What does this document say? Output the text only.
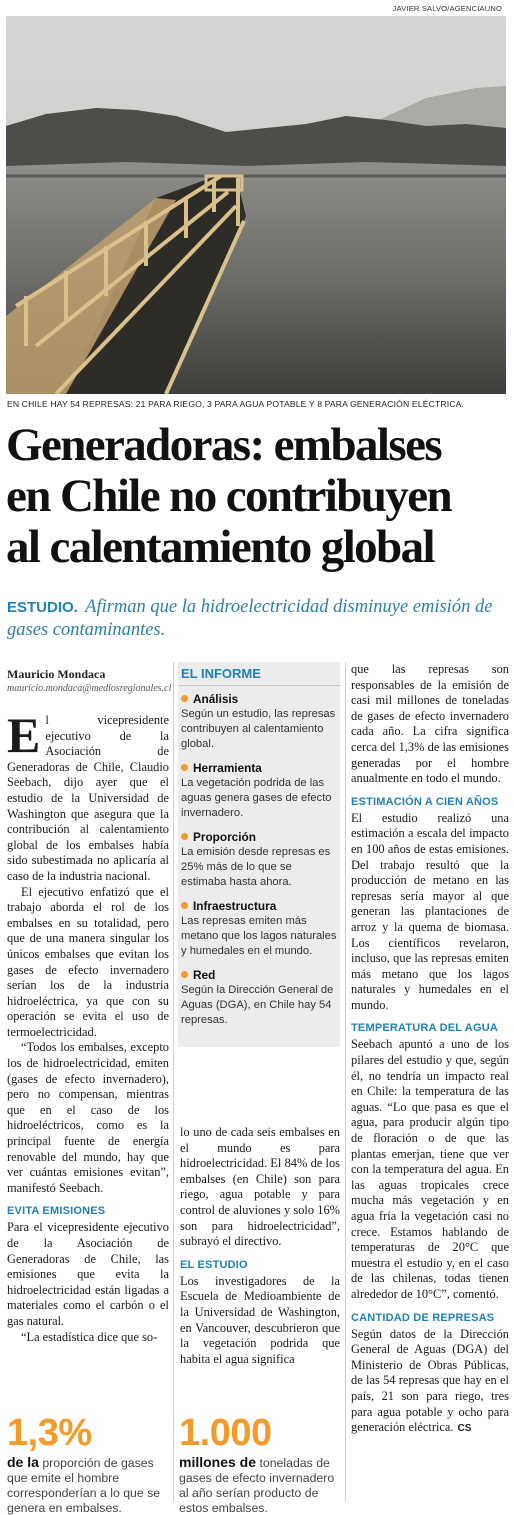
JAVIER SALVO/AGENCIAUNO
EN CHILE HAY 54 REPRESAS: 21 PARA RIEGO, 3 PARA AGUA POTABLE Y 8 PARA GENERACIÓN ELÉCTRICA.
Generadoras: embalses
en Chile no contribuyen
al calentamiento global
ESTUDIO. Afirman que la hidroelectricidad disminuye emisión de gases contaminantes.
Mauricio Mondaca
mauricio.mondaca@mediosregionales.cl

El vicepresidente ejecutivo de la Asociación de Generadoras de Chile, Claudio Seebach, dijo ayer que el estudio de la Universidad de Washington que asegura que la contribución al calentamiento global de los embalses había sido subestimada no aplicaría al caso de la industria nacional.

El ejecutivo enfatizó que el trabajo aborda el rol de los embalses en su totalidad, pero que de una manera singular los únicos embalses que evitan los gases de efecto invernadero serían los de la industria hidroeléctrica, ya que con su operación se evita el uso de termoelectricidad.

“Todos los embalses, excepto los de hidroelectricidad, emiten (gases de efecto invernadero), pero no compensan, mientras que en el caso de los hidroeléctricos, como es la principal fuente de energía renovable del mundo, hay que ver cuántas emisiones evitan”, manifestó Seebach.

EVITA EMISIONES

Para el vicepresidente ejecutivo de la Asociación de Generadoras de Chile, las emisiones que evita la hidroelectricidad están ligadas a materiales como el carbón o el gas natural.

“La estadística dice que so-

1,3%
de la proporción de gases que emite el hombre corresponderían a lo que se genera en embalses.
EL INFORME
Análisis
Según un estudio, las represas contribuyen al calentamiento global.
Herramienta
La vegetación podrida de las aguas genera gases de efecto invernadero.
Proporción
La emisión desde represas es 25% más de lo que se estimaba hasta ahora.
Infraestructura
Las represas emiten más metano que los lagos naturales y humedales en el mundo.
Red
Según la Dirección General de Aguas (DGA), en Chile hay 54 represas.

lo uno de cada seis embalses en el mundo es para hidroelectricidad. El 84% de los embalses (en Chile) son para riego, agua potable y para control de aluviones y solo 16% son para hidroelectricidad”, subrayó el directivo.

EL ESTUDIO

Los investigadores de la Escuela de Medioambiente de la Universidad de Washington, en Vancouver, descubrieron que la vegetación podrida que habita el agua significa

1.000
millones de toneladas de gases de efecto invernadero al año serían producto de estos embalses.

que las represas son responsables de la emisión de casi mil millones de toneladas de gases de efecto invernadero cada año. La cifra significa cerca del 1,3% de las emisiones generadas por el hombre anualmente en todo el mundo.

ESTIMACIÓN A CIEN AÑOS

El estudio realizó una estimación a escala del impacto en 100 años de estas emisiones. Del trabajo resultó que la producción de metano en las represas sería mayor al que generan las plantaciones de arroz y la quema de biomasa. Los científicos revelaron, incluso, que las represas emiten más metano que los lagos naturales y humedales en el mundo.

TEMPERATURA DEL AGUA

Seebach apuntó a uno de los pilares del estudio y que, según él, no tendría un impacto real en Chile: la temperatura de las aguas. “Lo que pasa es que el agua, para producir algún tipo de floración o de que las plantas emerjan, tiene que ver con la temperatura del agua. En las aguas tropicales crece mucha más vegetación y en agua fría la vegetación casi no crece. Estamos hablando de temperaturas de 20°C que muestra el estudio y, en el caso de las chilenas, todas tienen alrededor de 10°C”, comentó.

CANTIDAD DE REPRESAS

Según datos de la Dirección General de Aguas (DGA) del Ministerio de Obras Públicas, de las 54 represas que hay en el país, 21 son para riego, tres para agua potable y ocho para generación eléctrica. CS
